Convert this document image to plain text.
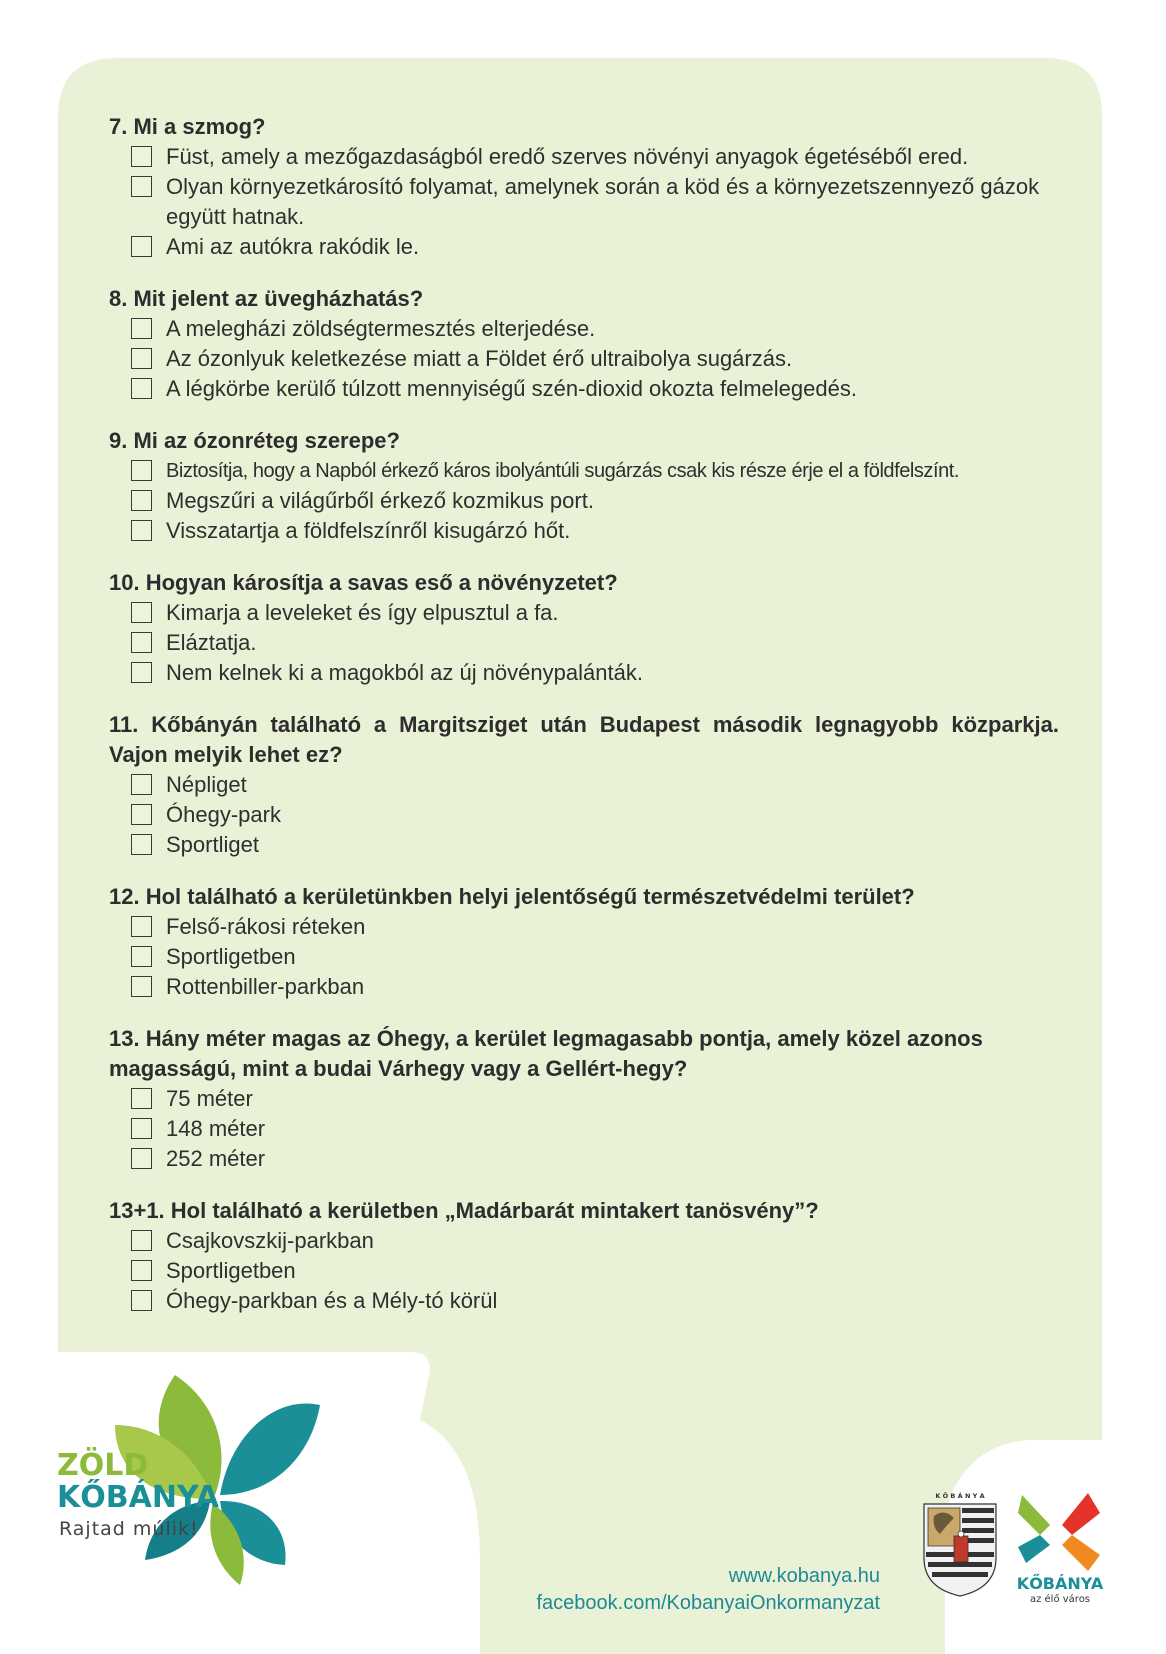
7. Mi a szmog?
Füst, amely a mezőgazdaságból eredő szerves növényi anyagok égetéséből ered.
Olyan környezetkárosító folyamat, amelynek során a köd és a környezetszennyező gázok együtt hatnak.
Ami az autókra rakódik le.
8. Mit jelent az üvegházhatás?
A melegházi zöldségtermesztés elterjedése.
Az ózonlyuk keletkezése miatt a Földet érő ultraibolya sugárzás.
A légkörbe kerülő túlzott mennyiségű szén-dioxid okozta felmelegedés.
9. Mi az ózonréteg szerepe?
Biztosítja, hogy a Napból érkező káros ibolyántúli sugárzás csak kis része érje el a földfelszínt.
Megszűri a világűrből érkező kozmikus port.
Visszatartja a földfelszínről kisugárzó hőt.
10. Hogyan károsítja a savas eső a növényzetet?
Kimarja a leveleket és így elpusztul a fa.
Eláztatja.
Nem kelnek ki a magokból az új növénypalánták.
11. Kőbányán található a Margitsziget után Budapest második legnagyobb közparkja. Vajon melyik lehet ez?
Népliget
Óhegy-park
Sportliget
12. Hol található a kerületünkben helyi jelentőségű természetvédelmi terület?
Felső-rákosi réteken
Sportligetben
Rottenbiller-parkban
13. Hány méter magas az Óhegy, a kerület legmagasabb pontja, amely közel azonos magasságú, mint a budai Várhegy vagy a Gellért-hegy?
75 méter
148 méter
252 méter
13+1. Hol található a kerületben „Madárbarát mintakert tanösvény”?
Csajkovszkij-parkban
Sportligetben
Óhegy-parkban és a Mély-tó körül
ZÖLD
KŐBÁNYA
Rajtad múlik!
www.kobanya.hu
facebook.com/KobanyaiOnkormanyzat
K Ő B Á N Y A
KŐBÁNYA
az élő város
